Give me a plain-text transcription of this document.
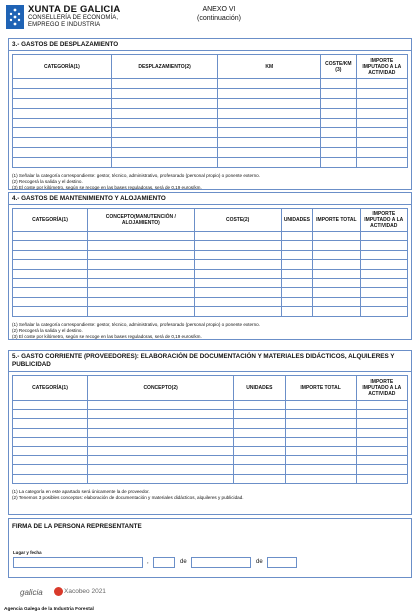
XUNTA DE GALICIA
CONSELLERÍA DE ECONOMÍA,
EMPREGO E INDUSTRIA
ANEXO VI
(continuación)
3.- GASTOS DE DESPLAZAMIENTO
CATEGORÍA(1)	DESPLAZAMIENTO(2)	KM	COSTE/KM (3)	IMPORTE IMPUTADO A LA ACTIVIDAD

(1) Señalar la categoría correspondiente: gestor, técnico, administrativo, profesorado (personal propio) o ponente externo.
(2) Recogerá la salida y el destino.
(3) El coste por kilómetro, según se recoge en las bases reguladoras, será de 0,19 euros/km.
4.- GASTOS DE MANTENIMIENTO Y ALOJAMIENTO
CATEGORÍA(1)	CONCEPTO(MANUTENCIÓN / ALOJAMIENTO)	COSTE(2)	UNIDADES	IMPORTE TOTAL	IMPORTE IMPUTADO A LA ACTIVIDAD

(1) Señalar la categoría correspondiente: gestor, técnico, administrativo, profesorado (personal propio) o ponente externo.
(2) Recogerá la salida y el destino.
(3) El coste por kilómetro, según se recoge en las bases reguladoras, será de 0,19 euros/km.
5.- GASTO CORRIENTE (PROVEEDORES): ELABORACIÓN DE DOCUMENTACIÓN Y MATERIALES DIDÁCTICOS, ALQUILERES Y PUBLICIDAD
CATEGORÍA(1)	CONCEPTO(2)	UNIDADES	IMPORTE TOTAL	IMPORTE IMPUTADO A LA ACTIVIDAD

(1) La categoría en este apartado será únicamente la de proveedor.
(2) Tenemos 3 posibles conceptos: elaboración de documentación y materiales didácticos, alquileres y publicidad.
FIRMA DE LA PERSONA REPRESENTANTE
Lugar y fecha
,	de	de
galicia	Xacobeo 2021
Agencia Galega de la Industria Forestal
